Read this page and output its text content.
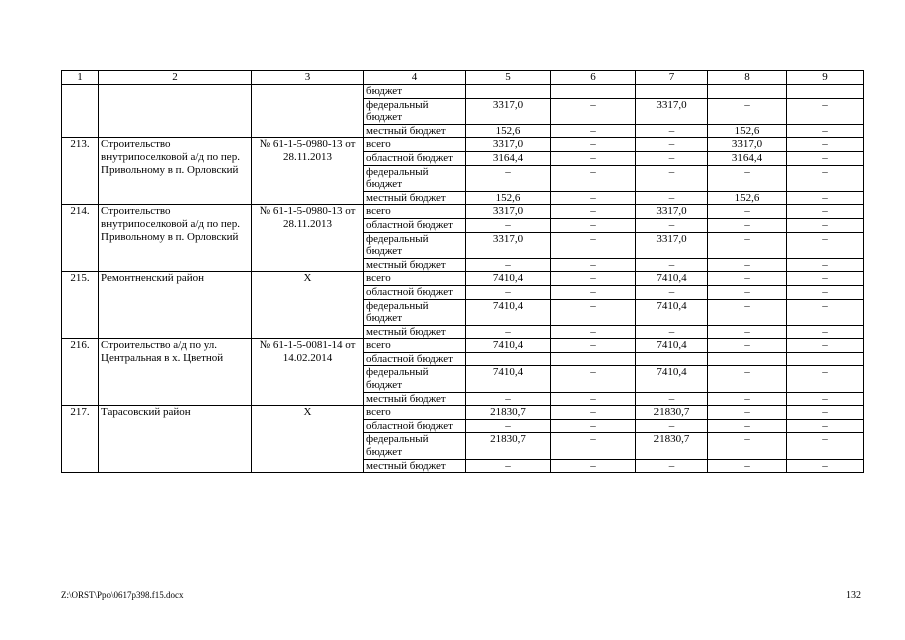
1	2	3	4	5	6	7	8	9
			бюджет					
			федеральный бюджет	3317,0	–	3317,0	–	–
			местный бюджет	152,6	–	–	152,6	–
213.	Строительство внутрипоселковой а/д по пер. Привольному в п. Орловский	№ 61-1-5-0980-13 от 28.11.2013	всего	3317,0	–	–	3317,0	–
			областной бюджет	3164,4	–	–	3164,4	–
			федеральный бюджет	–	–	–	–	–
			местный бюджет	152,6	–	–	152,6	–
214.	Строительство внутрипоселковой а/д по пер. Привольному в п. Орловский	№ 61-1-5-0980-13 от 28.11.2013	всего	3317,0	–	3317,0	–	–
			областной бюджет	–	–	–	–	–
			федеральный бюджет	3317,0	–	3317,0	–	–
			местный бюджет	–	–	–	–	–
215.	Ремонтненский район	Х	всего	7410,4	–	7410,4	–	–
			областной бюджет	–	–	–	–	–
			федеральный бюджет	7410,4	–	7410,4	–	–
			местный бюджет	–	–	–	–	–
216.	Строительство а/д по ул. Центральная в х. Цветной	№ 61-1-5-0081-14 от 14.02.2014	всего	7410,4	–	7410,4	–	–
			областной бюджет					
			федеральный бюджет	7410,4	–	7410,4	–	–
			местный бюджет	–	–	–	–	–
217.	Тарасовский район	Х	всего	21830,7	–	21830,7	–	–
			областной бюджет	–	–	–	–	–
			федеральный бюджет	21830,7	–	21830,7	–	–
			местный бюджет	–	–	–	–	–
Z:\ORST\Ppo\0617p398.f15.docx	132
